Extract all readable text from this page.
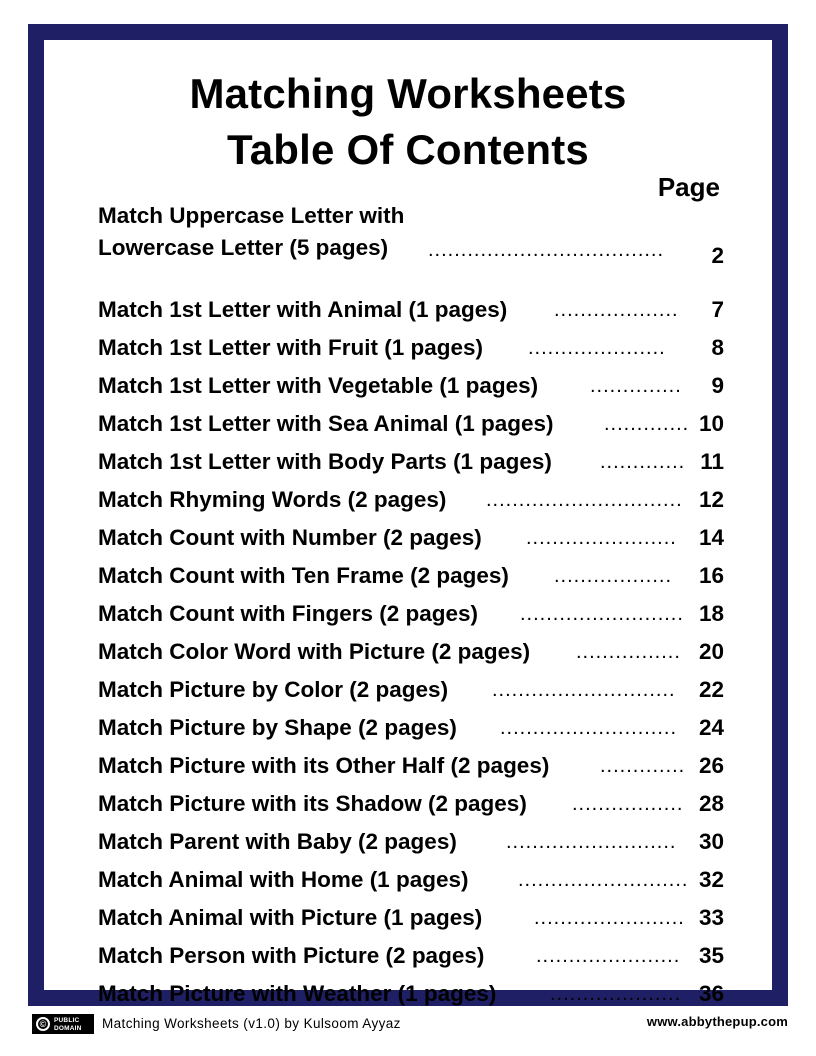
Matching Worksheets
Table Of Contents
Page
Match Uppercase Letter with
Lowercase Letter (5 pages)	....................................	2
Match 1st Letter with Animal (1 pages) ...................	7
Match 1st Letter with Fruit (1 pages) .....................	8
Match 1st Letter with Vegetable (1 pages)	..............	9
Match 1st Letter with Sea Animal (1 pages)	............. 10
Match 1st Letter with Body Parts (1 pages) ............. 11
Match Rhyming Words (2 pages) .............................. 12
Match Count with Number (2 pages) ....................... 14
Match Count with Ten Frame (2 pages) ..................	16
Match Count with Fingers (2 pages) ......................... 18
Match Color Word with Picture (2 pages) ................ 20
Match Picture by Color (2 pages) ............................	22
Match Picture by Shape (2 pages) ........................... 24
Match Picture with its Other Half (2 pages)	............. 26
Match Picture with its Shadow (2 pages) ................. 28
Match Parent with Baby (2 pages) .......................... 30
Match Animal with Home (1 pages) .......................... 32
Match Animal with Picture (1 pages)	....................... 33
Match Person with Picture (2 pages)	...................... 35
Match Picture with Weather (1 pages)	.................... 36
©	PUBLIC
DOMAIN Matching Worksheets (v1.0) by Kulsoom Ayyaz	www.abbythepup.com
